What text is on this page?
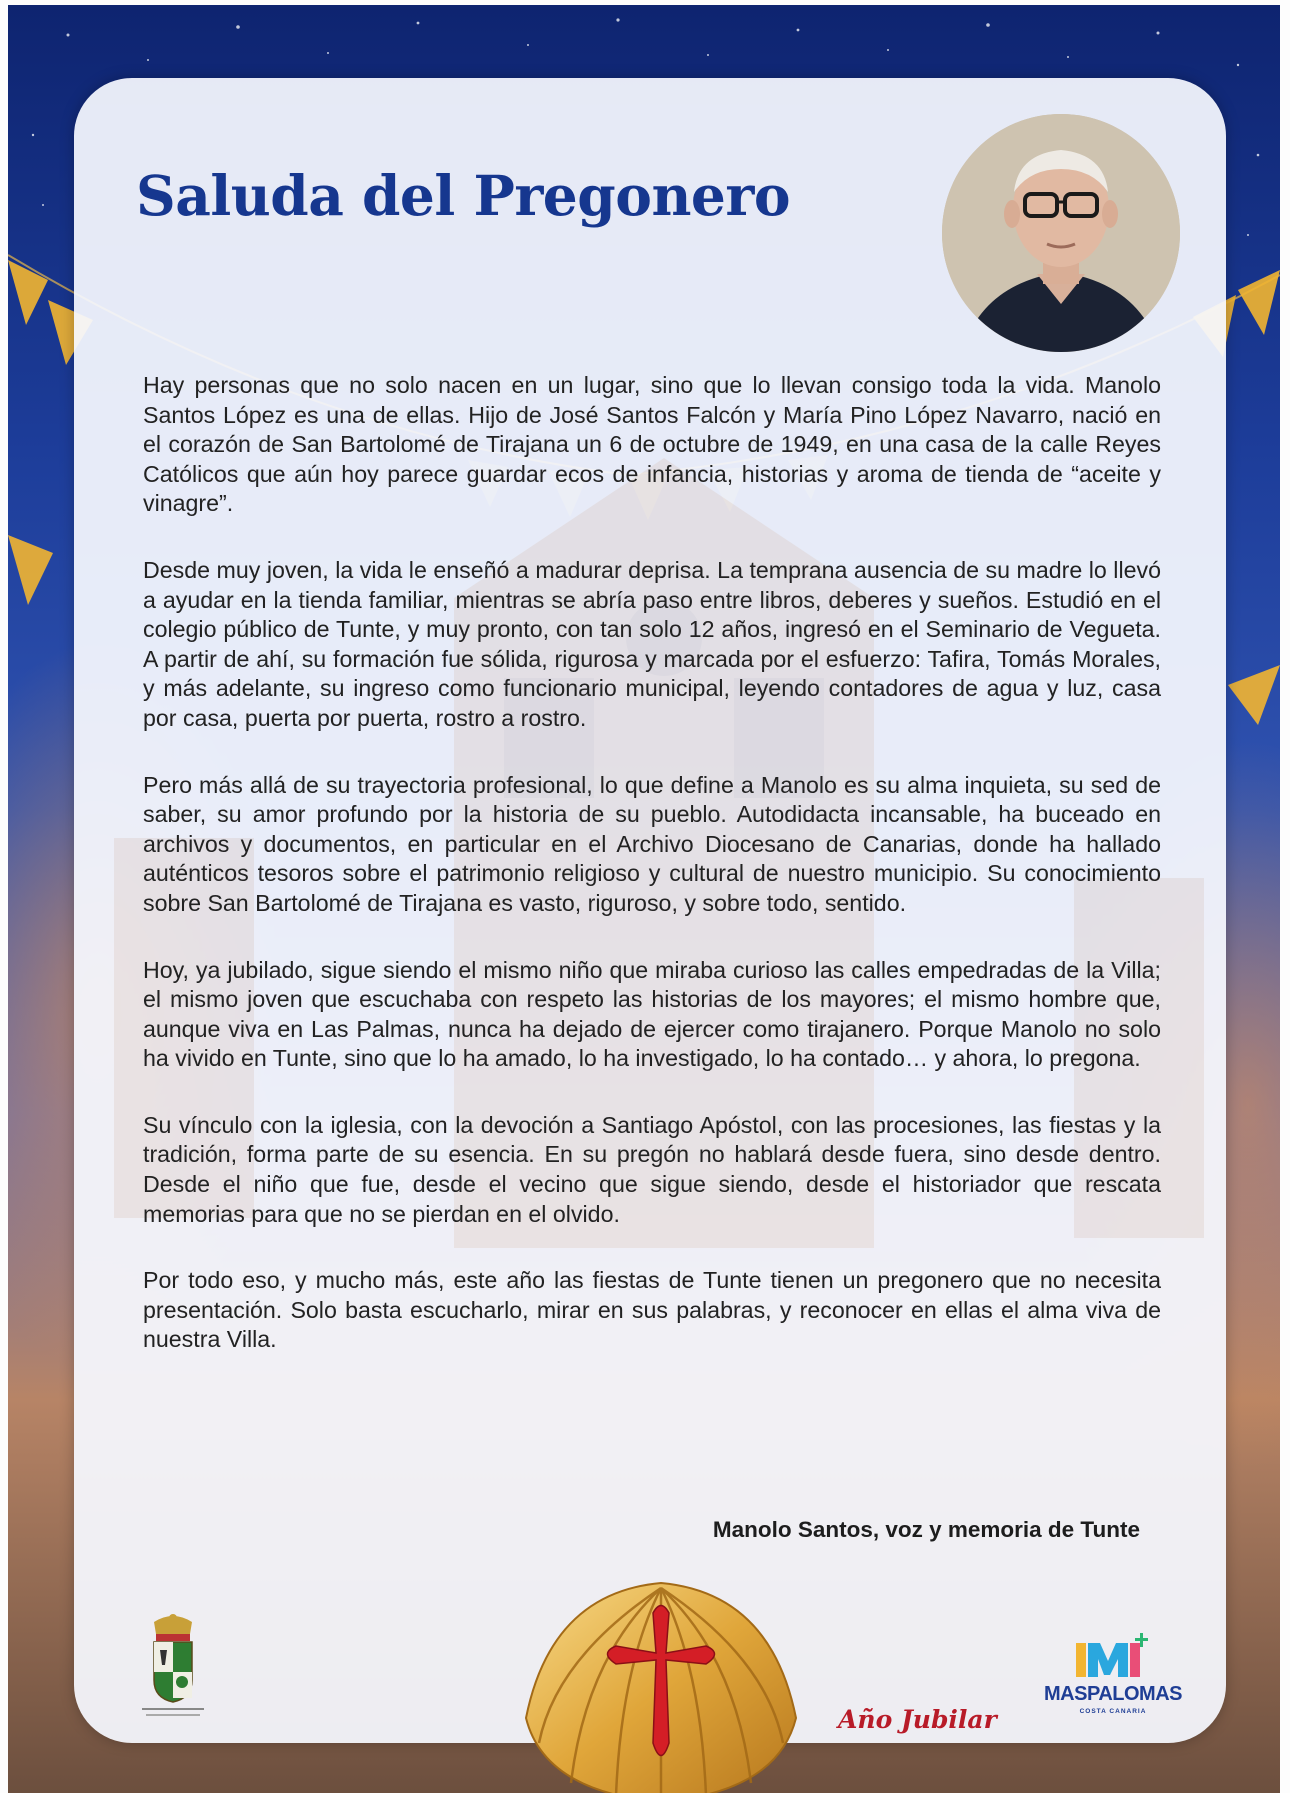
Saluda del Pregonero

Hay personas que no solo nacen en un lugar, sino que lo llevan consigo toda la vida. Manolo Santos López es una de ellas. Hijo de José Santos Falcón y María Pino López Navarro, nació en el corazón de San Bartolomé de Tirajana un 6 de octubre de 1949, en una casa de la calle Reyes Católicos que aún hoy parece guardar ecos de infancia, historias y aroma de tienda de “aceite y vinagre”.

Desde muy joven, la vida le enseñó a madurar deprisa. La temprana ausencia de su madre lo llevó a ayudar en la tienda familiar, mientras se abría paso entre libros, deberes y sueños. Estudió en el colegio público de Tunte, y muy pronto, con tan solo 12 años, ingresó en el Seminario de Vegueta. A partir de ahí, su formación fue sólida, rigurosa y marcada por el esfuerzo: Tafira, Tomás Morales, y más adelante, su ingreso como funcionario municipal, leyendo contadores de agua y luz, casa por casa, puerta por puerta, rostro a rostro.

Pero más allá de su trayectoria profesional, lo que define a Manolo es su alma inquieta, su sed de saber, su amor profundo por la historia de su pueblo. Autodidacta incansable, ha buceado en archivos y documentos, en particular en el Archivo Diocesano de Canarias, donde ha hallado auténticos tesoros sobre el patrimonio religioso y cultural de nuestro municipio. Su conocimiento sobre San Bartolomé de Tirajana es vasto, riguroso, y sobre todo, sentido.

Hoy, ya jubilado, sigue siendo el mismo niño que miraba curioso las calles empedradas de la Villa; el mismo joven que escuchaba con respeto las historias de los mayores; el mismo hombre que, aunque viva en Las Palmas, nunca ha dejado de ejercer como tirajanero. Porque Manolo no solo ha vivido en Tunte, sino que lo ha amado, lo ha investigado, lo ha contado… y ahora, lo pregona.

Su vínculo con la iglesia, con la devoción a Santiago Apóstol, con las procesiones, las fiestas y la tradición, forma parte de su esencia. En su pregón no hablará desde fuera, sino desde dentro. Desde el niño que fue, desde el vecino que sigue siendo, desde el historiador que rescata memorias para que no se pierdan en el olvido.

Por todo eso, y mucho más, este año las fiestas de Tunte tienen un pregonero que no necesita presentación. Solo basta escucharlo, mirar en sus palabras, y reconocer en ellas el alma viva de nuestra Villa.

Manolo Santos, voz y memoria de Tunte

Año Jubilar

MASPALOMAS

COSTA CANARIA
